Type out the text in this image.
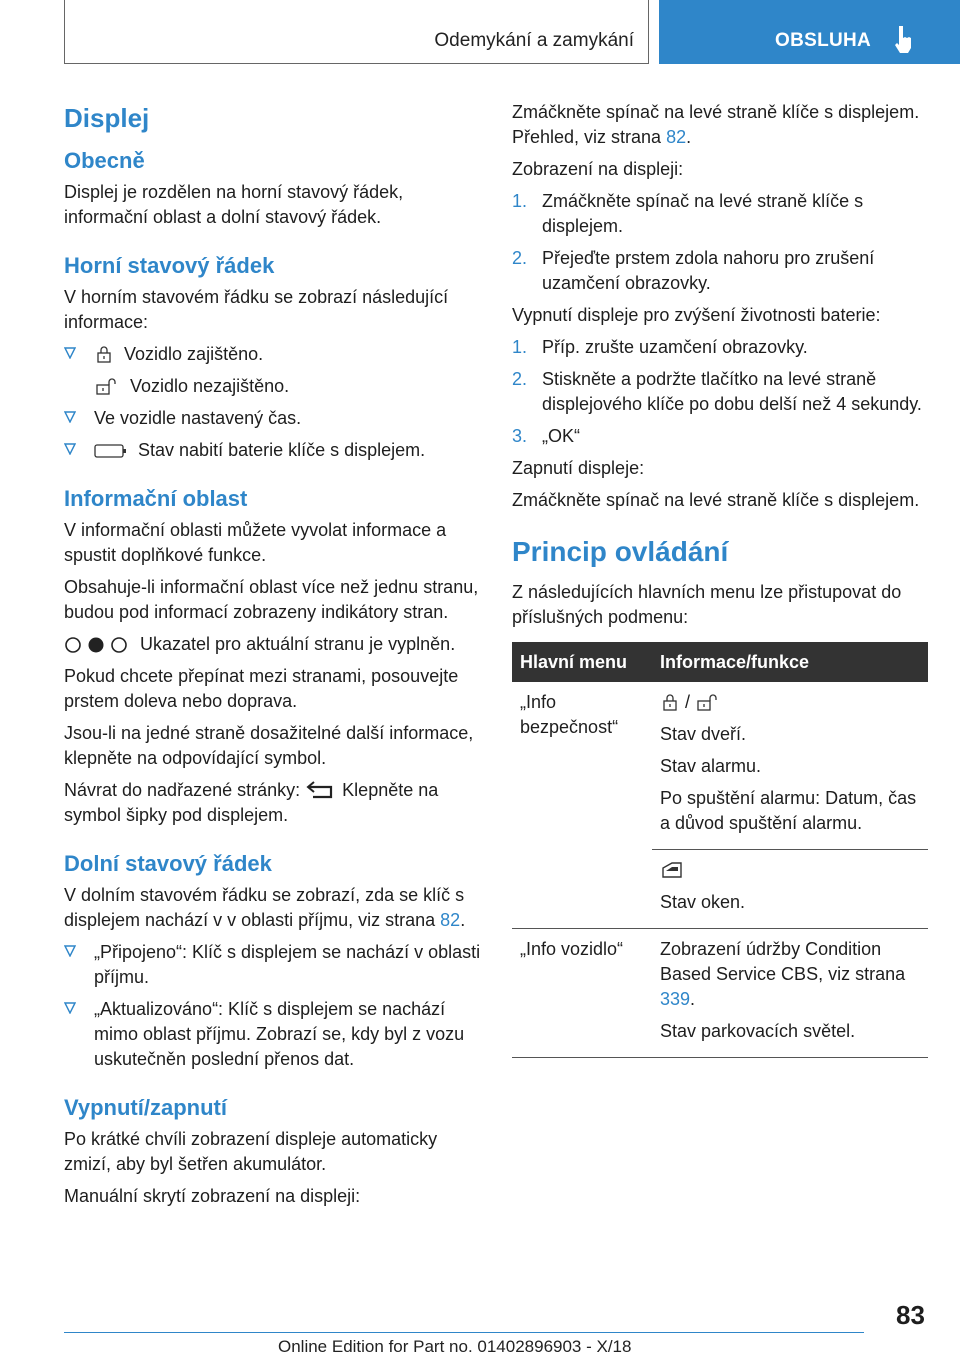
Odemykání a zamykání	OBSLUHA
Displej
Obecně

Displej je rozdělen na horní stavový řádek, informační oblast a dolní stavový řádek.

Horní stavový řádek

V horním stavovém řádku se zobrazí následující informace:

Vozidlo zajištěno.
Vozidlo nezajištěno.
Ve vozidle nastavený čas.
Stav nabití baterie klíče s displejem.
Informační oblast

V informační oblasti můžete vyvolat informace a spustit doplňkové funkce.

Obsahuje-li informační oblast více než jednu stranu, budou pod informací zobrazeny indikátory stran.

Ukazatel pro aktuální stranu je vyplněn.

Pokud chcete přepínat mezi stranami, posouvejte prstem doleva nebo doprava.

Jsou-li na jedné straně dosažitelné další informace, klepněte na odpovídající symbol.

Návrat do nadřazené stránky: Klepněte na symbol šipky pod displejem.

Dolní stavový řádek

V dolním stavovém řádku se zobrazí, zda se klíč s displejem nachází v v oblasti příjmu, viz strana 82.

„Připojeno“: Klíč s displejem se nachází v oblasti příjmu.
„Aktualizováno“: Klíč s displejem se nachází mimo oblast příjmu. Zobrazí se, kdy byl z vozu uskutečněn poslední přenos dat.
Vypnutí/zapnutí

Po krátké chvíli zobrazení displeje automaticky zmizí, aby byl šetřen akumulátor.

Manuální skrytí zobrazení na displeji:

Zmáčkněte spínač na levé straně klíče s displejem. Přehled, viz strana 82.

Zobrazení na displeji:

1. Zmáčkněte spínač na levé straně klíče s displejem.
2. Přejeďte prstem zdola nahoru pro zrušení uzamčení obrazovky.

Vypnutí displeje pro zvýšení životnosti baterie:

1. Příp. zrušte uzamčení obrazovky.
2. Stiskněte a podržte tlačítko na levé straně displejového klíče po dobu delší než 4 sekundy.
3. „OK“

Zapnutí displeje:

Zmáčkněte spínač na levé straně klíče s displejem.

Princip ovládání

Z následujících hlavních menu lze přistupovat do příslušných podmenu:

Hlavní menu	Informace/funkce
„Info bezpečnost“	/

Stav dveří.

Stav alarmu.

Po spuštění alarmu: Datum, čas a důvod spuštění alarmu.

	Stav oken.

„Info vozidlo“	Zobrazení údržby Condition Based Service CBS, viz strana 339.

Stav parkovacích světel.

83
Online Edition for Part no. 01402896903 - X/18
